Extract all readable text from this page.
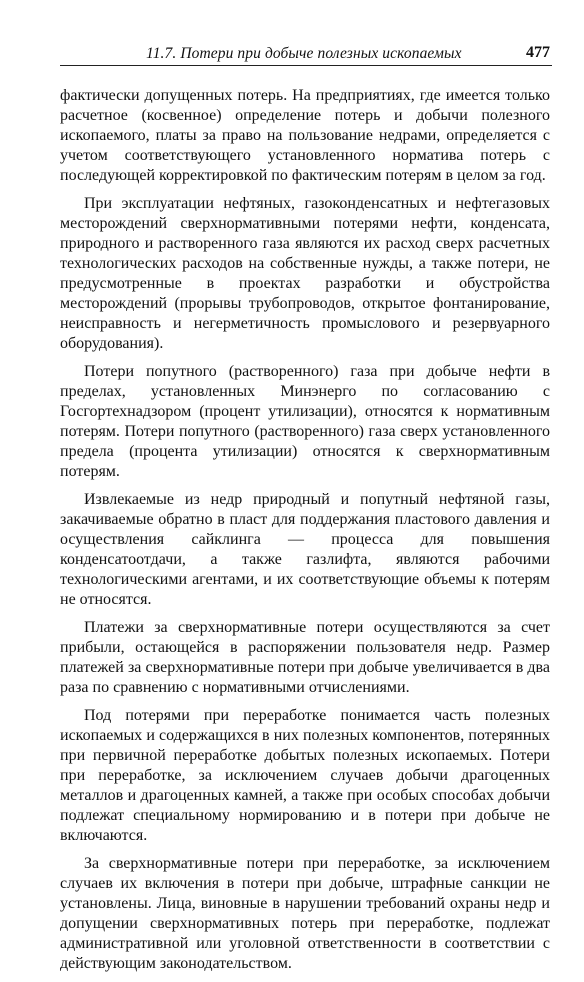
11.7. Потери при добыче полезных ископаемых	477

фактически допущенных потерь. На предприятиях, где имеется только расчетное (косвенное) определение потерь и добычи полезного ископаемого, платы за право на пользование недрами, определяется с учетом соответствующего установленного норматива потерь с последующей корректировкой по фактическим потерям в целом за год.

При эксплуатации нефтяных, газоконденсатных и нефтегазовых месторождений сверхнормативными потерями нефти, конденсата, природного и растворенного газа являются их расход сверх расчетных технологических расходов на собственные нужды, а также потери, не предусмотренные в проектах разработки и обустройства месторождений (прорывы трубопроводов, открытое фонтанирование, неисправность и негерметичность промыслового и резервуарного оборудования).

Потери попутного (растворенного) газа при добыче нефти в пределах, установленных Минэнерго по согласованию с Госгортехнадзором (процент утилизации), относятся к нормативным потерям. Потери попутного (растворенного) газа сверх установленного предела (процента утилизации) относятся к сверхнормативным потерям.

Извлекаемые из недр природный и попутный нефтяной газы, закачиваемые обратно в пласт для поддержания пластового давления и осуществления сайклинга — процесса для повышения конденсатоотдачи, а также газлифта, являются рабочими технологическими агентами, и их соответствующие объемы к потерям не относятся.

Платежи за сверхнормативные потери осуществляются за счет прибыли, остающейся в распоряжении пользователя недр. Размер платежей за сверхнормативные потери при добыче увеличивается в два раза по сравнению с нормативными отчислениями.

Под потерями при переработке понимается часть полезных ископаемых и содержащихся в них полезных компонентов, потерянных при первичной переработке добытых полезных ископаемых. Потери при переработке, за исключением случаев добычи драгоценных металлов и драгоценных камней, а также при особых способах добычи подлежат специальному нормированию и в потери при добыче не включаются.

За сверхнормативные потери при переработке, за исключением случаев их включения в потери при добыче, штрафные санкции не установлены. Лица, виновные в нарушении требований охраны недр и допущении сверхнормативных потерь при переработке, подлежат административной или уголовной ответственности в соответствии с действующим законодательством.
